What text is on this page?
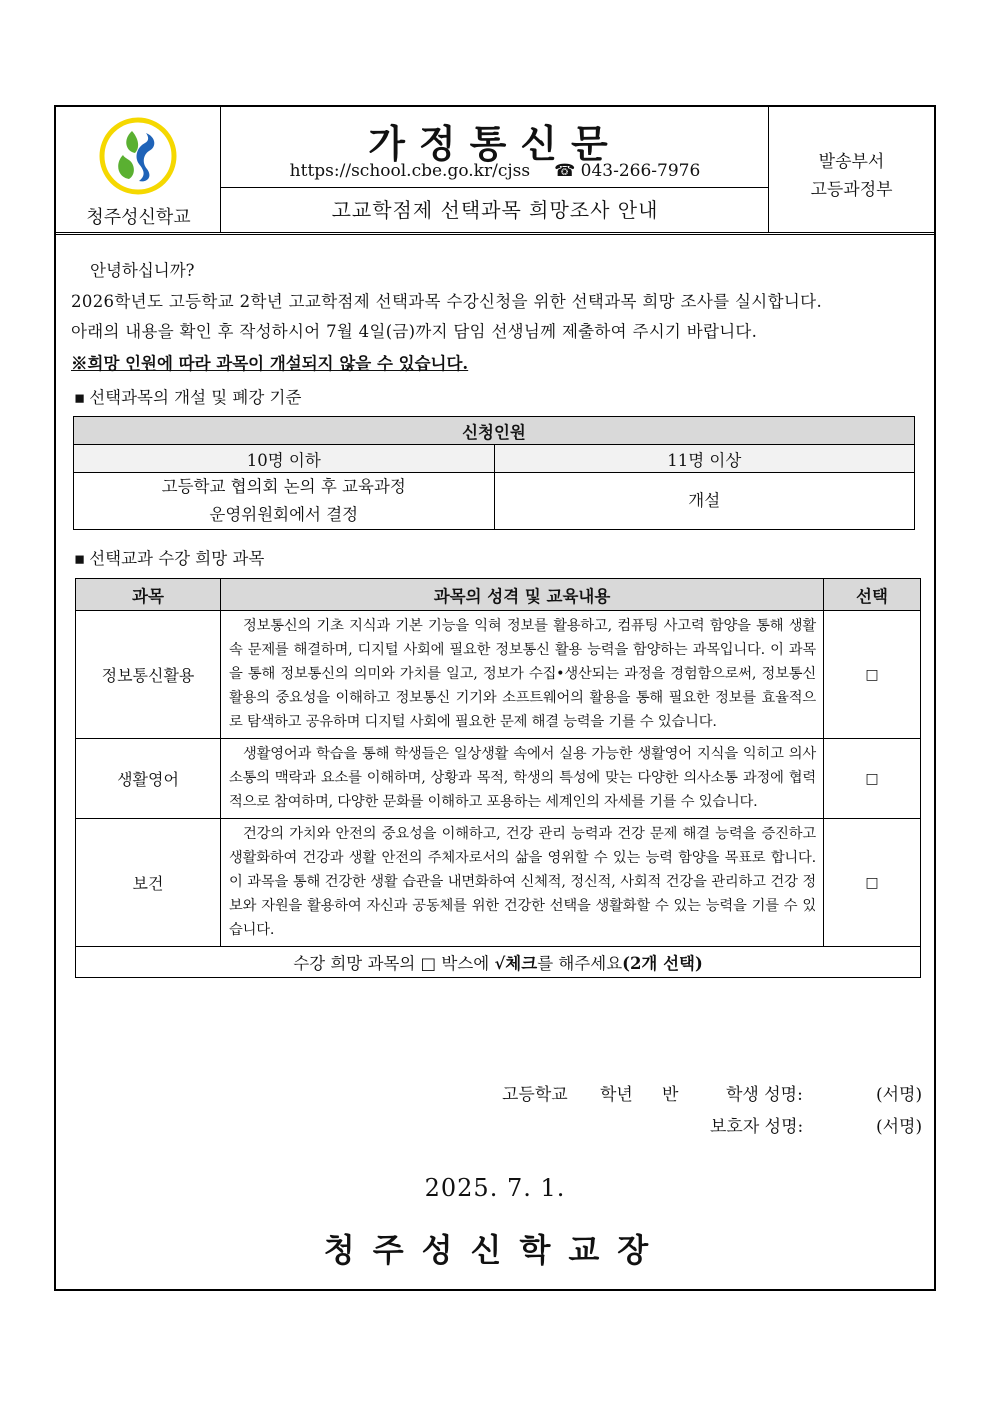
청주성신학교
가정통신문
https://school.cbe.go.kr/cjss ☎ 043-266-7976
고교학점제 선택과목 희망조사 안내
발송부서
고등과정부
안녕하십니까?
2026학년도 고등학교 2학년 고교학점제 선택과목 수강신청을 위한 선택과목 희망 조사를 실시합니다.
아래의 내용을 확인 후 작성하시어 7월 4일(금)까지 담임 선생님께 제출하여 주시기 바랍니다.
※희망 인원에 따라 과목이 개설되지 않을 수 있습니다.
▪ 선택과목의 개설 및 폐강 기준
신청인원	
10명 이하	11명 이상
고등학교 협의회 논의 후 교육과정
운영위원회에서 결정	개설
▪ 선택교과 수강 희망 과목
과목	과목의 성격 및 교육내용	선택
정보통신활용	정보통신의 기초 지식과 기본 기능을 익혀 정보를 활용하고, 컴퓨팅 사고력 함양을 통해 생활 속 문제를 해결하며, 디지털 사회에 필요한 정보통신 활용 능력을 함양하는 과목입니다. 이 과목을 통해 정보통신의 의미와 가치를 일고, 정보가 수집•생산되는 과정을 경험함으로써, 정보통신 활용의 중요성을 이해하고 정보통신 기기와 소프트웨어의 활용을 통해 필요한 정보를 효율적으로 탐색하고 공유하며 디지털 사회에 필요한 문제 해결 능력을 기를 수 있습니다.	□
생활영어	생활영어과 학습을 통해 학생들은 일상생활 속에서 실용 가능한 생활영어 지식을 익히고 의사소통의 맥락과 요소를 이해하며, 상황과 목적, 학생의 특성에 맞는 다양한 의사소통 과정에 협력적으로 참여하며, 다양한 문화를 이해하고 포용하는 세계인의 자세를 기를 수 있습니다.	□
보건	건강의 가치와 안전의 중요성을 이해하고, 건강 관리 능력과 건강 문제 해결 능력을 증진하고 생활화하여 건강과 생활 안전의 주체자로서의 삶을 영위할 수 있는 능력 함양을 목표로 합니다. 이 과목을 통해 건강한 생활 습관을 내면화하여 신체적, 정신적, 사회적 건강을 관리하고 건강 정보와 자원을 활용하여 자신과 공동체를 위한 건강한 선택을 생활화할 수 있는 능력을 기를 수 있습니다.	□
수강 희망 과목의 □ 박스에 √체크를 해주세요(2개 선택)		
고등학교 학년 반	학생 성명:	(서명)
보호자 성명:	(서명)
2025. 7. 1.
청주성신학교장
